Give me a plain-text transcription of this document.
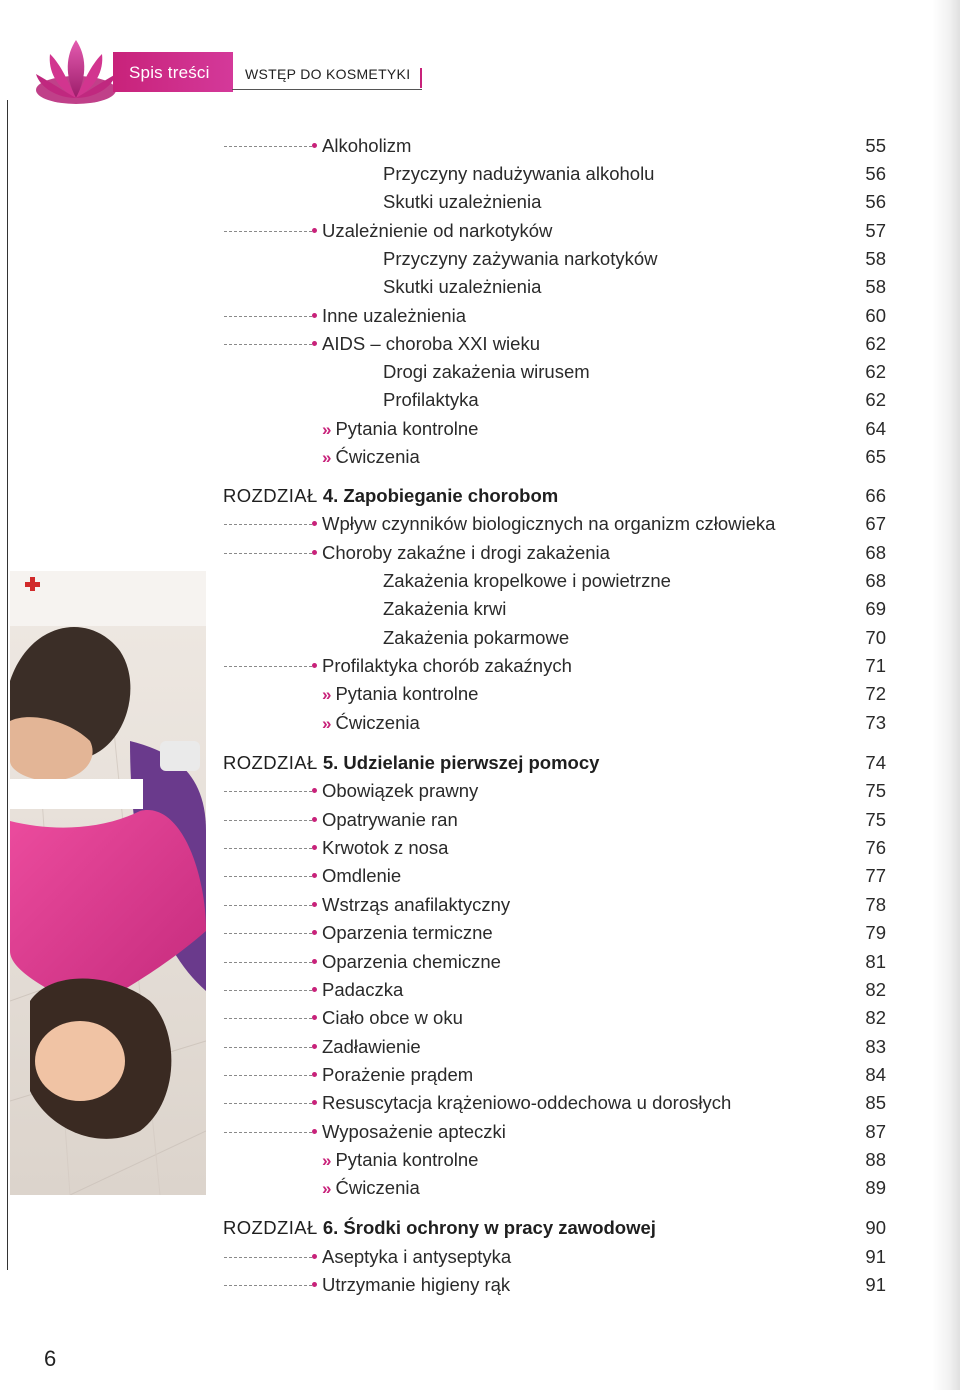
Spis treści	WSTĘP DO KOSMETYKI
Alkoholizm	55
Przyczyny nadużywania alkoholu	56
Skutki uzależnienia	56
Uzależnienie od narkotyków	57
Przyczyny zażywania narkotyków	58
Skutki uzależnienia	58
Inne uzależnienia	60
AIDS – choroba XXI wieku	62
Drogi zakażenia wirusem	62
Profilaktyka	62
» Pytania kontrolne	64
» Ćwiczenia	65
ROZDZIAŁ 4. Zapobieganie chorobom	66
Wpływ czynników biologicznych na organizm człowieka	67
Choroby zakaźne i drogi zakażenia	68
Zakażenia kropelkowe i powietrzne	68
Zakażenia krwi	69
Zakażenia pokarmowe	70
Profilaktyka chorób zakaźnych	71
» Pytania kontrolne	72
» Ćwiczenia	73
ROZDZIAŁ 5. Udzielanie pierwszej pomocy	74
Obowiązek prawny	75
Opatrywanie ran	75
Krwotok z nosa	76
Omdlenie	77
Wstrząs anafilaktyczny	78
Oparzenia termiczne	79
Oparzenia chemiczne	81
Padaczka	82
Ciało obce w oku	82
Zadławienie	83
Porażenie prądem	84
Resuscytacja krążeniowo-oddechowa u dorosłych	85
Wyposażenie apteczki	87
» Pytania kontrolne	88
» Ćwiczenia	89
ROZDZIAŁ 6. Środki ochrony w pracy zawodowej	90
Aseptyka i antyseptyka	91
Utrzymanie higieny rąk	91
6
